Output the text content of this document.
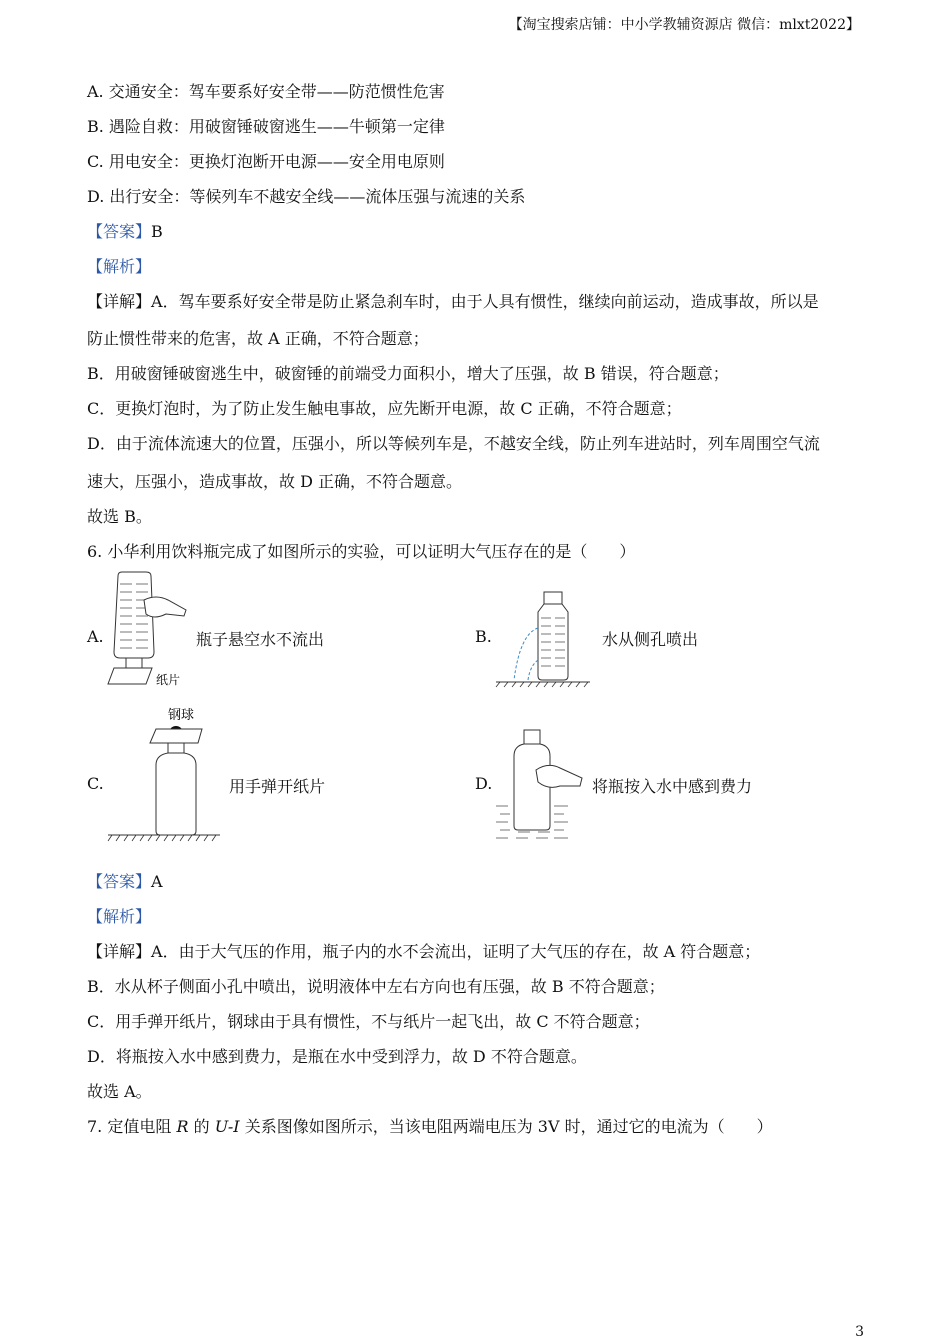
【淘宝搜索店铺：中小学教辅资源店 微信：mlxt2022】
A. 交通安全：驾车要系好安全带——防范惯性危害
B. 遇险自救：用破窗锤破窗逃生——牛顿第一定律
C. 用电安全：更换灯泡断开电源——安全用电原则
D. 出行安全：等候列车不越安全线——流体压强与流速的关系
【答案】B
【解析】
【详解】A．驾车要系好安全带是防止紧急刹车时，由于人具有惯性，继续向前运动，造成事故，所以是
防止惯性带来的危害，故 A 正确，不符合题意；
B．用破窗锤破窗逃生中，破窗锤的前端受力面积小，增大了压强，故 B 错误，符合题意；
C．更换灯泡时，为了防止发生触电事故，应先断开电源，故 C 正确，不符合题意；
D．由于流体流速大的位置，压强小，所以等候列车是，不越安全线，防止列车进站时，列车周围空气流
速大，压强小，造成事故，故 D 正确，不符合题意。
故选 B。
6. 小华利用饮料瓶完成了如图所示的实验，可以证明大气压存在的是（　　）
A.
纸片
瓶子悬空水不流出	B.	水从侧孔喷出
C.
钢球
用手弹开纸片	D.	将瓶按入水中感到费力
【答案】A
【解析】
【详解】A．由于大气压的作用，瓶子内的水不会流出，证明了大气压的存在，故 A 符合题意；
B．水从杯子侧面小孔中喷出，说明液体中左右方向也有压强，故 B 不符合题意；
C．用手弹开纸片，钢球由于具有惯性，不与纸片一起飞出，故 C 不符合题意；
D．将瓶按入水中感到费力，是瓶在水中受到浮力，故 D 不符合题意。
故选 A。
7. 定值电阻 R 的 U-I 关系图像如图所示，当该电阻两端电压为 3V 时，通过它的电流为（　　）
3
